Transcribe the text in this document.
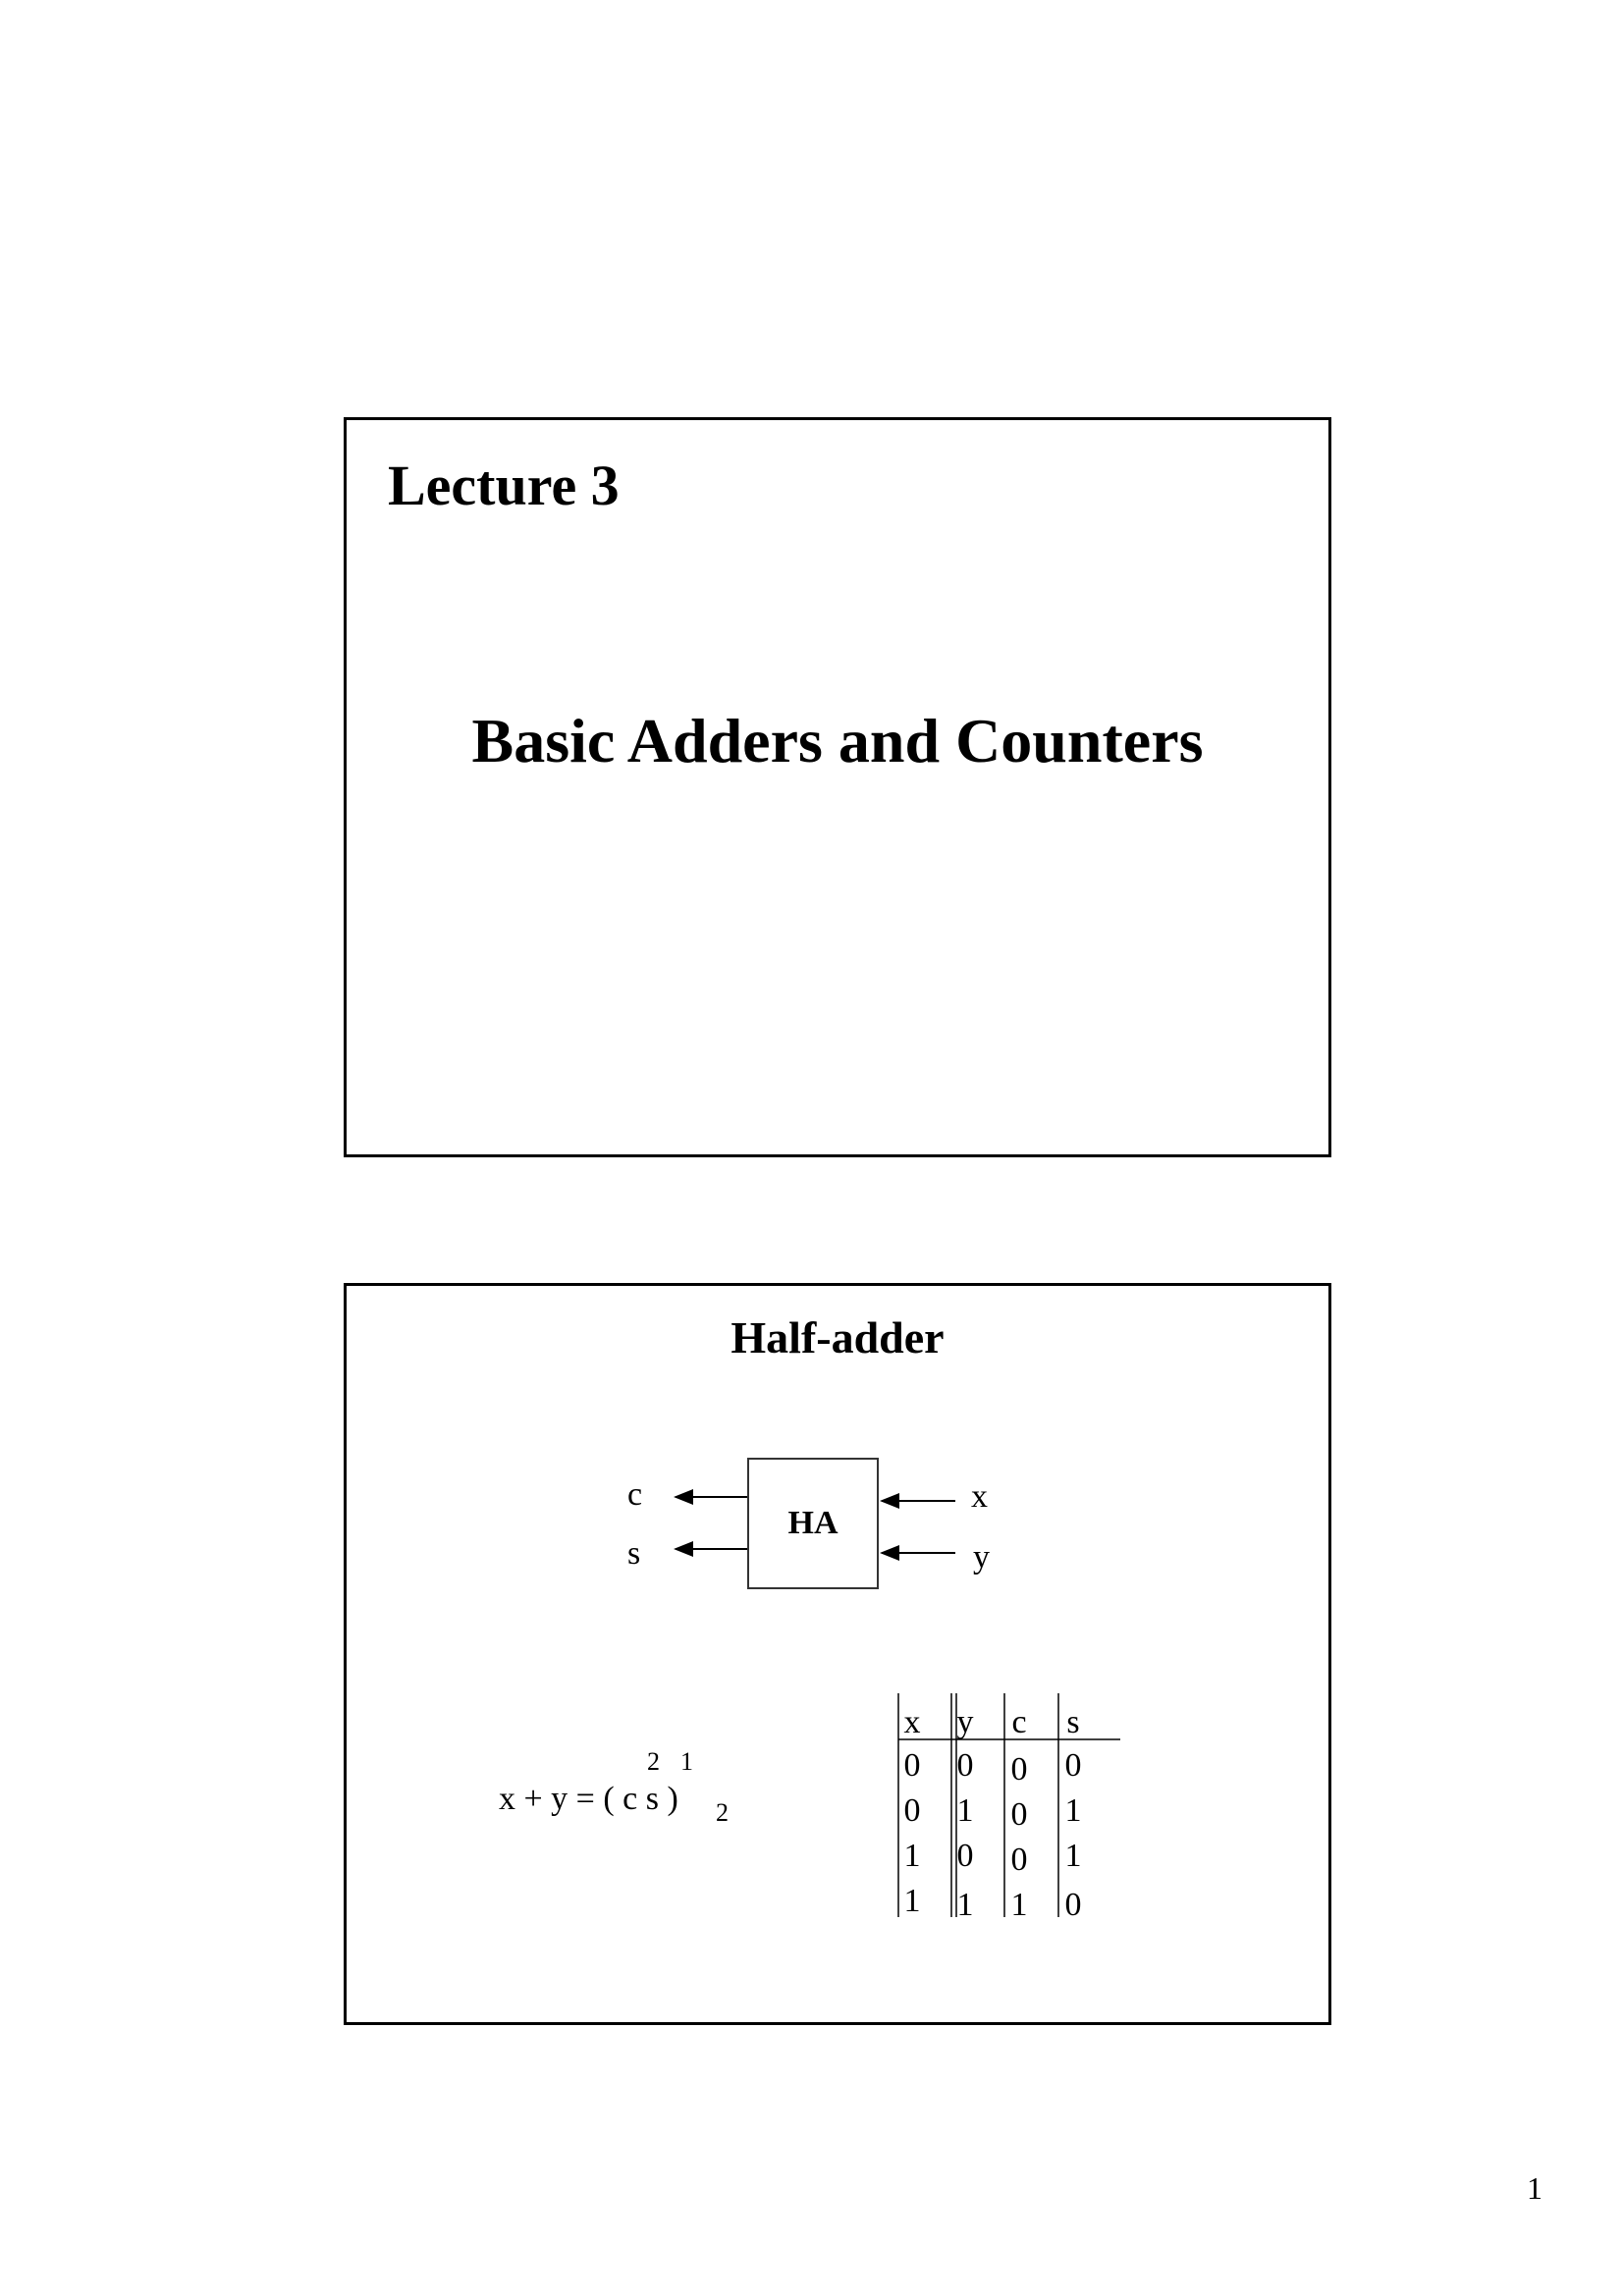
Lecture 3
Basic Adders and Counters
Half-adder
HA
c
s
x
y
2 1
x + y = ( c s ) 2
x y c s
0 0 0 0
0 1 0 1
1 0 0 1
1 1 1 0
1
